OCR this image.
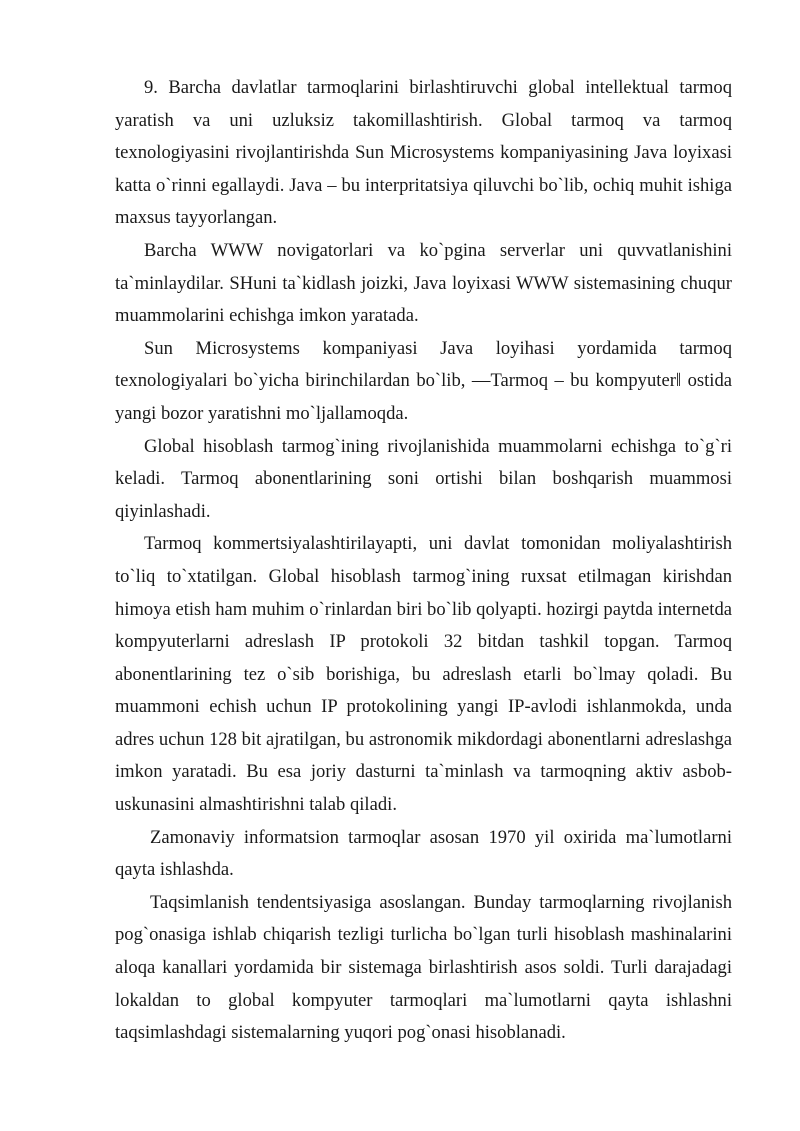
9. Barcha davlatlar tarmoqlarini birlashtiruvchi global intellektual tarmoq yaratish va uni uzluksiz takomillashtirish. Global tarmoq va tarmoq texnologiyasini rivojlantirishda Sun Microsystems kompaniyasining Java loyixasi katta o`rinni egallaydi. Java – bu interpritatsiya qiluvchi bo`lib, ochiq muhit ishiga maxsus tayyorlangan.

Barcha WWW novigatorlari va ko`pgina serverlar uni quvvatlanishini ta`minlaydilar. SHuni ta`kidlash joizki, Java loyixasi WWW sistemasining chuqur muammolarini echishga imkon yaratada.

Sun Microsystems kompaniyasi Java loyihasi yordamida tarmoq texnologiyalari bo`yicha birinchilardan bo`lib, ―Tarmoq – bu kompyuter‖ ostida yangi bozor yaratishni mo`ljallamoqda.

Global hisoblash tarmog`ining rivojlanishida muammolarni echishga to`g`ri keladi. Tarmoq abonentlarining soni ortishi bilan boshqarish muammosi qiyinlashadi.

Tarmoq kommertsiyalashtirilayapti, uni davlat tomonidan moliyalashtirish to`liq to`xtatilgan. Global hisoblash tarmog`ining ruxsat etilmagan kirishdan himoya etish ham muhim o`rinlardan biri bo`lib qolyapti. hozirgi paytda internetda kompyuterlarni adreslash IP protokoli 32 bitdan tashkil topgan. Tarmoq abonentlarining tez o`sib borishiga, bu adreslash etarli bo`lmay qoladi. Bu muammoni echish uchun IP protokolining yangi IP-avlodi ishlanmokda, unda adres uchun 128 bit ajratilgan, bu astronomik mikdordagi abonentlarni adreslashga imkon yaratadi. Bu esa joriy dasturni ta`minlash va tarmoqning aktiv asbob-uskunasini almashtirishni talab qiladi.

Zamonaviy informatsion tarmoqlar asosan 1970 yil oxirida ma`lumotlarni qayta ishlashda.

Taqsimlanish tendentsiyasiga asoslangan. Bunday tarmoqlarning rivojlanish pog`onasiga ishlab chiqarish tezligi turlicha bo`lgan turli hisoblash mashinalarini aloqa kanallari yordamida bir sistemaga birlashtirish asos soldi. Turli darajadagi lokaldan to global kompyuter tarmoqlari ma`lumotlarni qayta ishlashni taqsimlashdagi sistemalarning yuqori pog`onasi hisoblanadi.
